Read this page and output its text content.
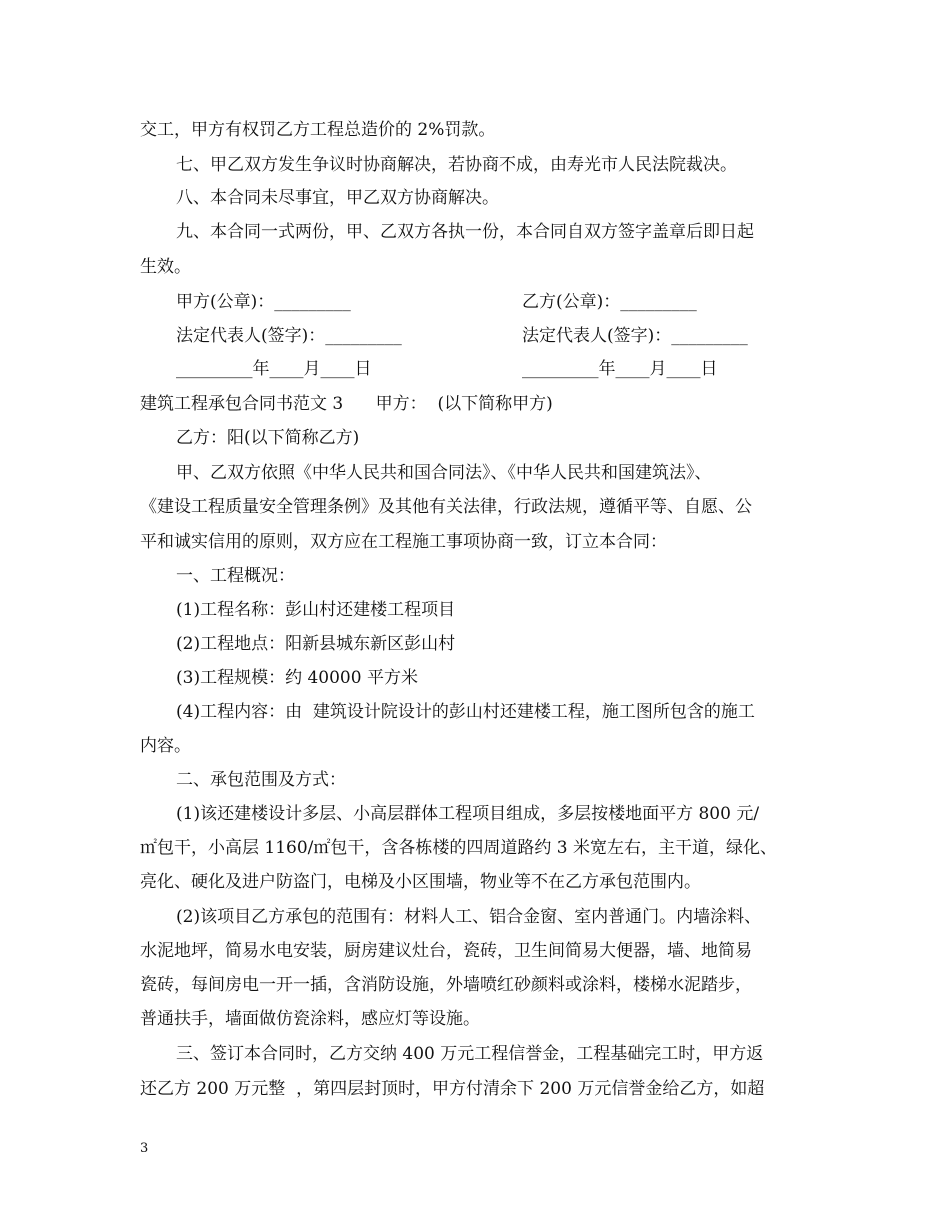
交工，甲方有权罚乙方工程总造价的 2%罚款。
七、甲乙双方发生争议时协商解决，若协商不成，由寿光市人民法院裁决。
八、本合同未尽事宜，甲乙双方协商解决。
九、本合同一式两份，甲、乙双方各执一份，本合同自双方签字盖章后即日起
生效。
甲方(公章)：_________	乙方(公章)：_________
法定代表人(签字)：_________	法定代表人(签字)：_________
_________年____月____日	_________年____月____日
建筑工程承包合同书范文 3      甲方：  (以下简称甲方)
乙方：阳(以下简称乙方)
甲、乙双方依照《中华人民共和国合同法》、《中华人民共和国建筑法》、
《建设工程质量安全管理条例》及其他有关法律，行政法规，遵循平等、自愿、公
平和诚实信用的原则，双方应在工程施工事项协商一致，订立本合同：
一、工程概况：
(1)工程名称：彭山村还建楼工程项目
(2)工程地点：阳新县城东新区彭山村
(3)工程规模：约 40000 平方米
(4)工程内容：由  建筑设计院设计的彭山村还建楼工程，施工图所包含的施工
内容。
二、承包范围及方式：
(1)该还建楼设计多层、小高层群体工程项目组成，多层按楼地面平方 800 元/
㎡包干，小高层 1160/㎡包干，含各栋楼的四周道路约 3 米宽左右，主干道，绿化、
亮化、硬化及进户防盗门，电梯及小区围墙，物业等不在乙方承包范围内。
(2)该项目乙方承包的范围有：材料人工、铝合金窗、室内普通门。内墙涂料、
水泥地坪，简易水电安装，厨房建议灶台，瓷砖，卫生间简易大便器，墙、地简易
瓷砖，每间房电一开一插，含消防设施，外墙喷红砂颜料或涂料，楼梯水泥踏步，
普通扶手，墙面做仿瓷涂料，感应灯等设施。
三、签订本合同时，乙方交纳 400 万元工程信誉金，工程基础完工时，甲方返
还乙方 200 万元整  ，第四层封顶时，甲方付清余下 200 万元信誉金给乙方，如超
3
